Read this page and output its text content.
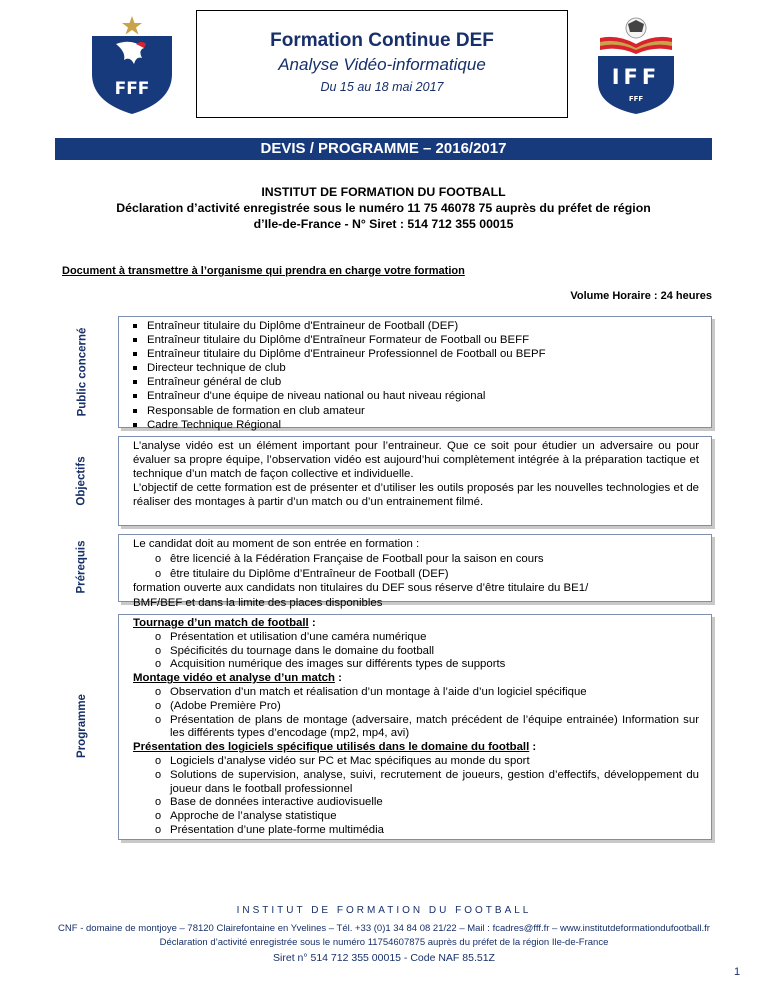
FFF
Formation Continue DEF
Analyse Vidéo-informatique
Du 15 au 18 mai 2017	IFF
FFF
DEVIS / PROGRAMME – 2016/2017
INSTITUT DE FORMATION DU FOOTBALL
Déclaration d’activité enregistrée sous le numéro 11 75 46078 75 auprès du préfet de région
d’Ile-de-France - N° Siret : 514 712 355 00015
Document à transmettre à l’organisme qui prendra en charge votre formation
Volume Horaire : 24 heures
Public concerné
Entraîneur titulaire du Diplôme d'Entraineur de Football (DEF)
Entraîneur titulaire du Diplôme d'Entraîneur Formateur de Football ou BEFF
Entraîneur titulaire du Diplôme d'Entraineur Professionnel de Football ou BEPF
Directeur technique de club
Entraîneur général de club
Entraîneur d'une équipe de niveau national ou haut niveau régional
Responsable de formation en club amateur
Cadre Technique Régional
Objectifs

L’analyse vidéo est un élément important pour l’entraineur. Que ce soit pour étudier un adversaire ou pour évaluer sa propre équipe, l’observation vidéo est aujourd’hui complètement intégrée à la préparation tactique et technique d’un match de façon collective et individuelle.

L’objectif de cette formation est de présenter et d’utiliser les outils proposés par les nouvelles technologies et de réaliser des montages à partir d’un match ou d’un entrainement filmé.

Prérequis	Le candidat doit au moment de son entrée en formation :

o être licencié à la Fédération Française de Football pour la saison en cours
o être titulaire du Diplôme d’Entraîneur de Football (DEF)

formation ouverte aux candidats non titulaires du DEF sous réserve d’être titulaire du BE1/

BMF/BEF et dans la limite des places disponibles

Programme

Tournage d’un match de football :

o Présentation et utilisation d’une caméra numérique
o Spécificités du tournage dans le domaine du football
o Acquisition numérique des images sur différents types de supports

Montage vidéo et analyse d’un match :

o Observation d’un match et réalisation d’un montage à l’aide d’un logiciel spécifique
o (Adobe Première Pro)
o Présentation de plans de montage (adversaire, match précédent de l’équipe entrainée) Information sur les différents types d’encodage (mp2, mp4, avi)

Présentation des logiciels spécifique utilisés dans le domaine du football :

o Logiciels d’analyse vidéo sur PC et Mac spécifiques au monde du sport
o Solutions de supervision, analyse, suivi, recrutement de joueurs, gestion d’effectifs, développement du joueur dans le football professionnel
o Base de données interactive audiovisuelle
o Approche de l’analyse statistique
o Présentation d’une plate-forme multimédia
INSTITUT DE FORMATION DU FOOTBALL
CNF - domaine de montjoye – 78120 Clairefontaine en Yvelines – Tél. +33 (0)1 34 84 08 21/22 – Mail : fcadres@fff.fr – www.institutdeformationdufootball.fr
Déclaration d’activité enregistrée sous le numéro 11754607875 auprès du préfet de la région Ile-de-France
Siret n° 514 712 355 00015 - Code NAF 85.51Z
1
